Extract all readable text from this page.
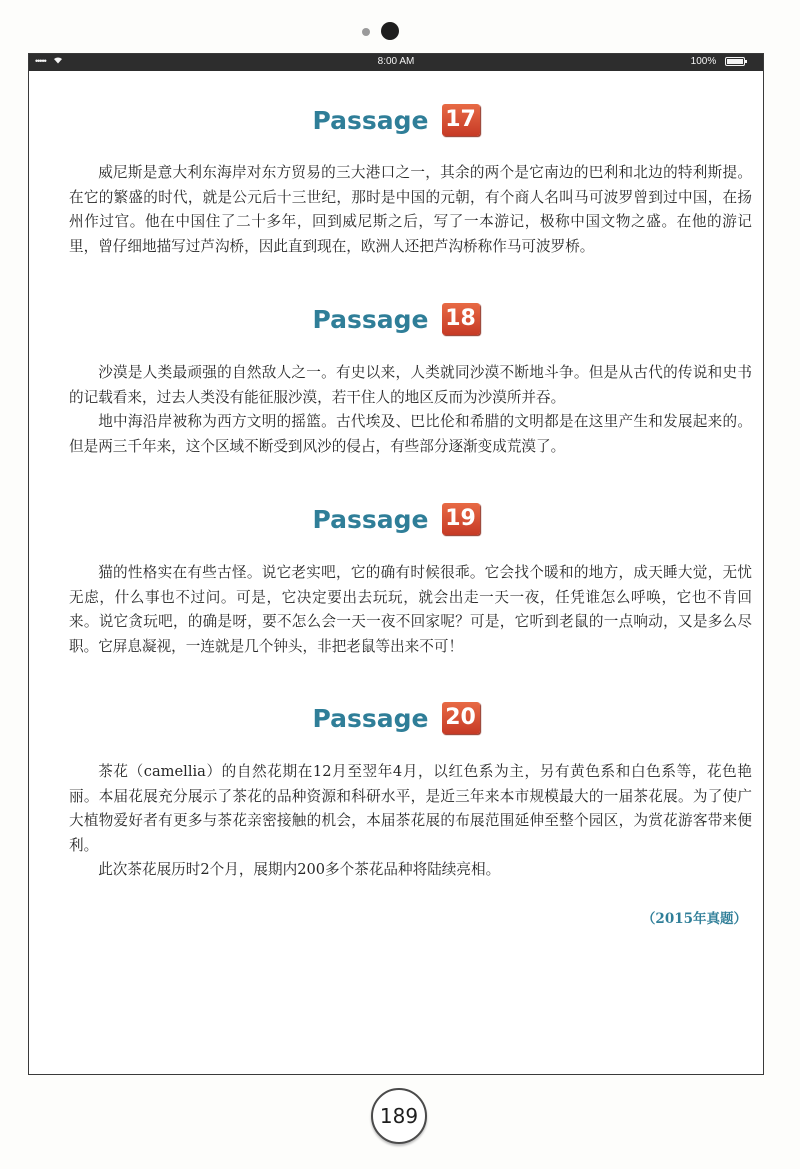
•••••	8:00 AM	100%
Passage 17

威尼斯是意大利东海岸对东方贸易的三大港口之一，其余的两个是它南边的巴利和北边的特利斯提。在它的繁盛的时代，就是公元后十三世纪，那时是中国的元朝，有个商人名叫马可波罗曾到过中国，在扬州作过官。他在中国住了二十多年，回到威尼斯之后，写了一本游记，极称中国文物之盛。在他的游记里，曾仔细地描写过芦沟桥，因此直到现在，欧洲人还把芦沟桥称作马可波罗桥。

Passage 18

沙漠是人类最顽强的自然敌人之一。有史以来，人类就同沙漠不断地斗争。但是从古代的传说和史书的记载看来，过去人类没有能征服沙漠，若干住人的地区反而为沙漠所并吞。

地中海沿岸被称为西方文明的摇篮。古代埃及、巴比伦和希腊的文明都是在这里产生和发展起来的。但是两三千年来，这个区域不断受到风沙的侵占，有些部分逐渐变成荒漠了。

Passage 19

猫的性格实在有些古怪。说它老实吧，它的确有时候很乖。它会找个暖和的地方，成天睡大觉，无忧无虑，什么事也不过问。可是，它决定要出去玩玩，就会出走一天一夜，任凭谁怎么呼唤，它也不肯回来。说它贪玩吧，的确是呀，要不怎么会一天一夜不回家呢？可是，它听到老鼠的一点响动，又是多么尽职。它屏息凝视，一连就是几个钟头，非把老鼠等出来不可！

Passage 20

茶花（camellia）的自然花期在12月至翌年4月，以红色系为主，另有黄色系和白色系等，花色艳丽。本届花展充分展示了茶花的品种资源和科研水平，是近三年来本市规模最大的一届茶花展。为了使广大植物爱好者有更多与茶花亲密接触的机会，本届茶花展的布展范围延伸至整个园区，为赏花游客带来便利。

此次茶花展历时2个月，展期内200多个茶花品种将陆续亮相。

（2015年真题）
189
